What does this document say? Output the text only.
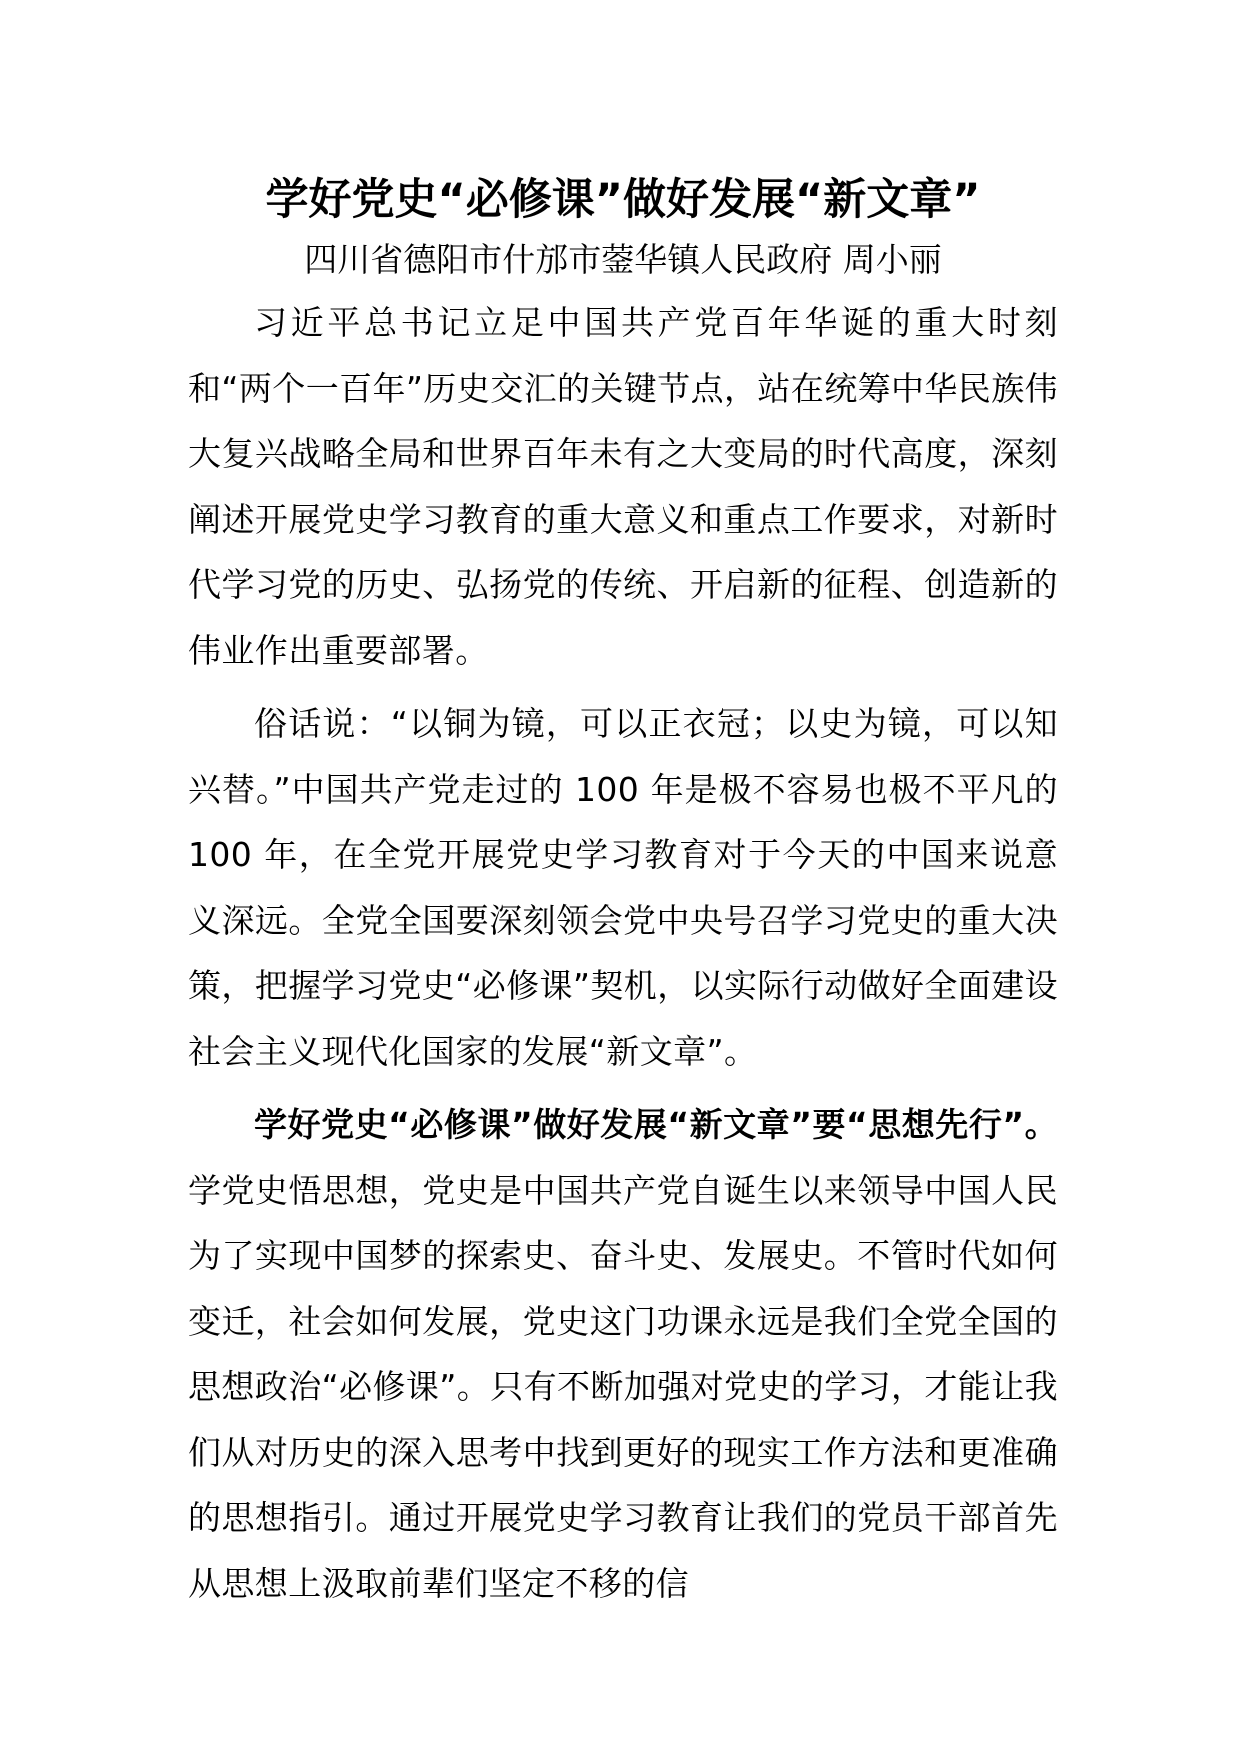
学好党史“必修课”做好发展“新文章”
四川省德阳市什邡市蓥华镇人民政府 周小丽

习近平总书记立足中国共产党百年华诞的重大时刻和“两个一百年”历史交汇的关键节点，站在统筹中华民族伟大复兴战略全局和世界百年未有之大变局的时代高度，深刻阐述开展党史学习教育的重大意义和重点工作要求，对新时代学习党的历史、弘扬党的传统、开启新的征程、创造新的伟业作出重要部署。

俗话说：“以铜为镜，可以正衣冠；以史为镜，可以知兴替。”中国共产党走过的 100 年是极不容易也极不平凡的 100 年，在全党开展党史学习教育对于今天的中国来说意义深远。全党全国要深刻领会党中央号召学习党史的重大决策，把握学习党史“必修课”契机，以实际行动做好全面建设社会主义现代化国家的发展“新文章”。

学好党史“必修课”做好发展“新文章”要“思想先行”。学党史悟思想，党史是中国共产党自诞生以来领导中国人民为了实现中国梦的探索史、奋斗史、发展史。不管时代如何变迁，社会如何发展，党史这门功课永远是我们全党全国的思想政治“必修课”。只有不断加强对党史的学习，才能让我们从对历史的深入思考中找到更好的现实工作方法和更准确的思想指引。通过开展党史学习教育让我们的党员干部首先从思想上汲取前辈们坚定不移的信
